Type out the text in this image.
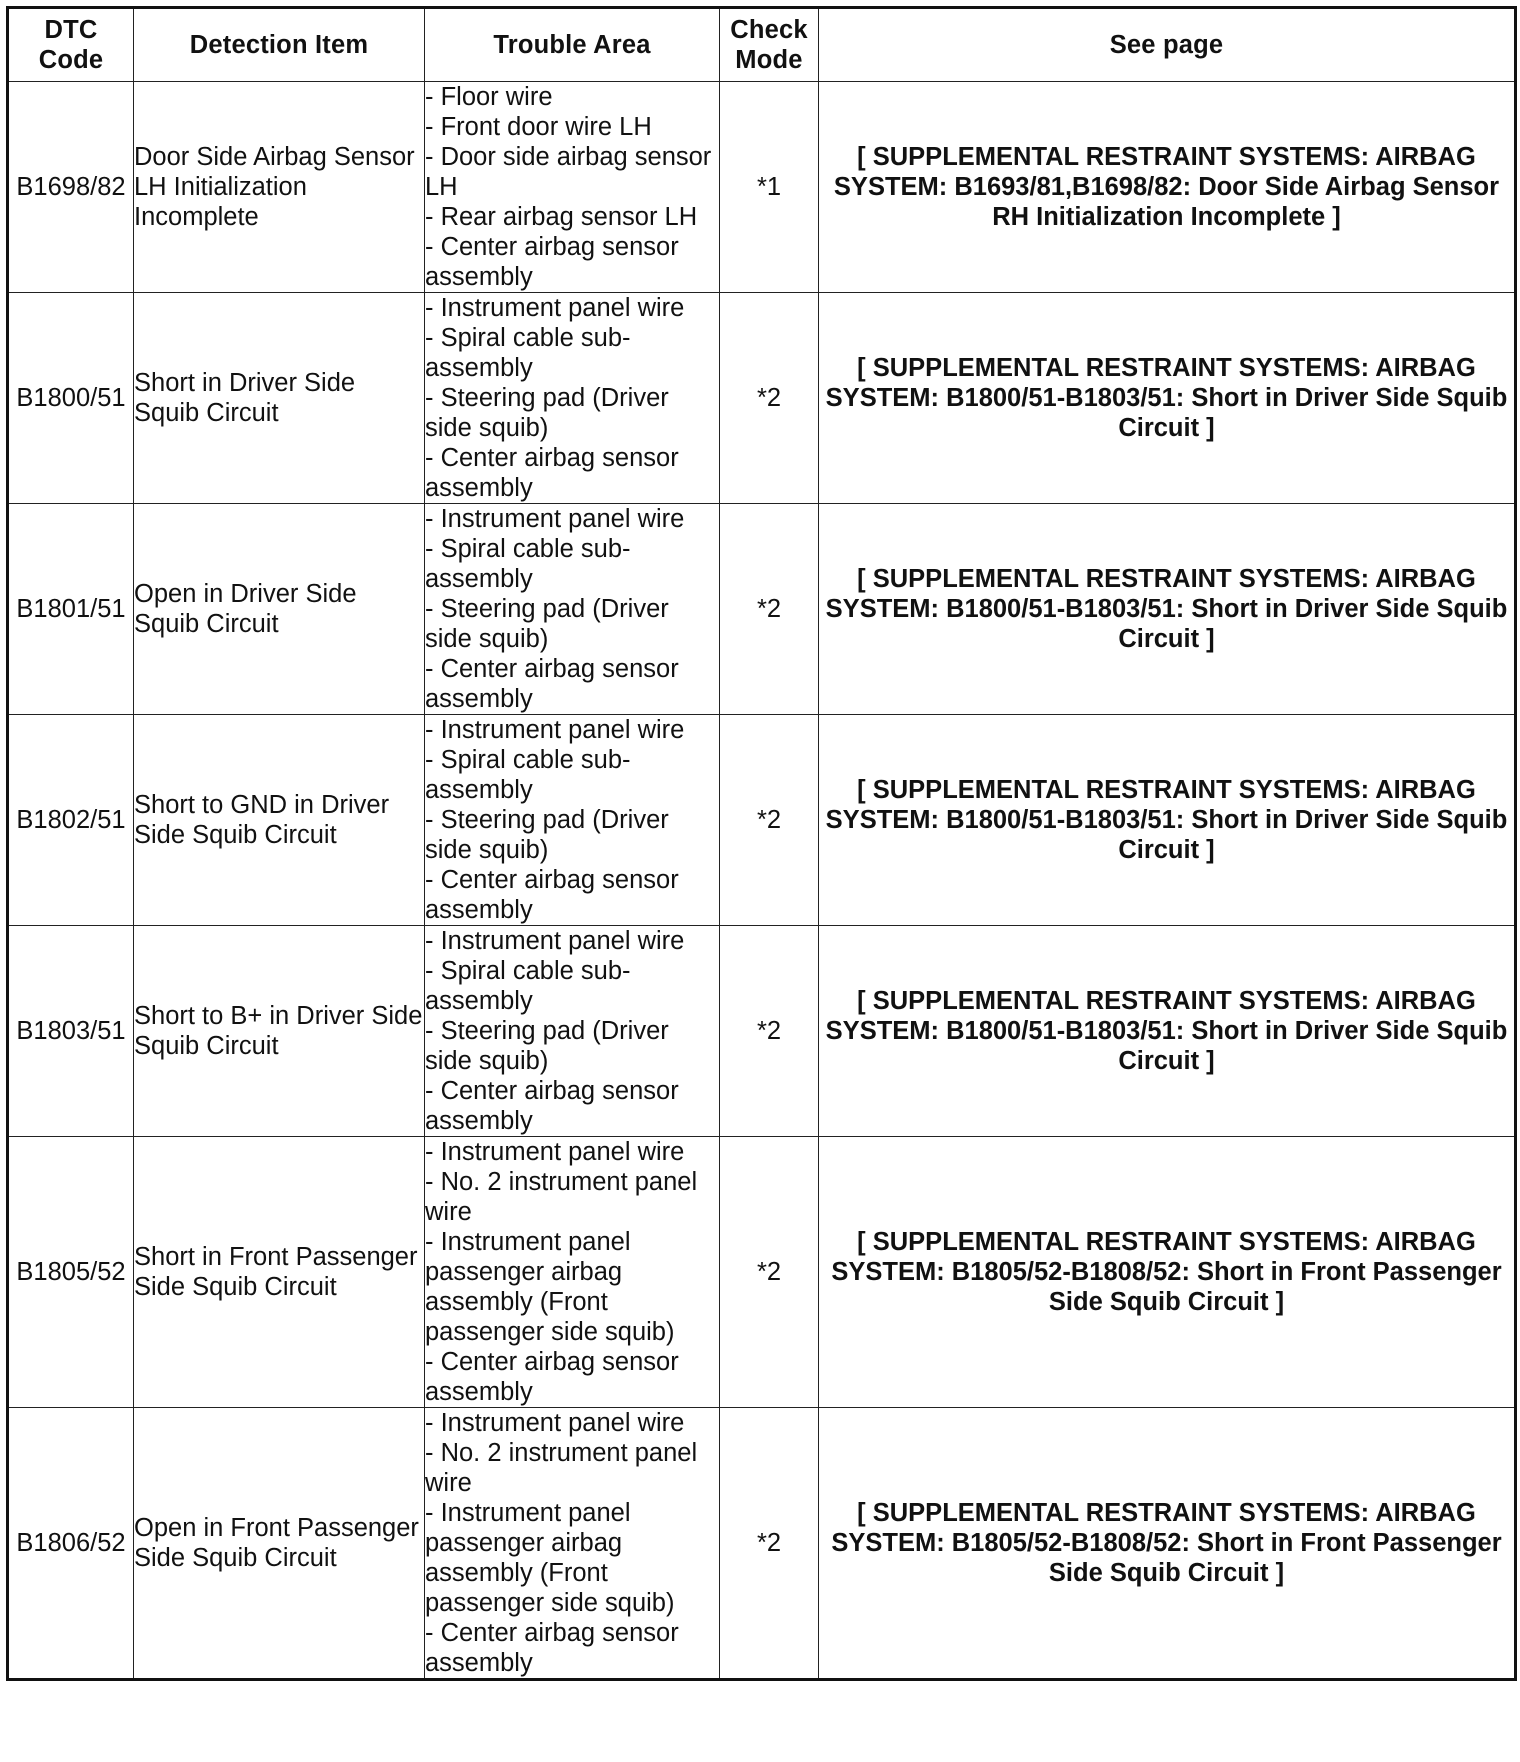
DTC Code	Detection Item	Trouble Area	Check Mode	See page
B1698/82	Door Side Airbag Sensor LH Initialization Incomplete	- Floor wire
- Front door wire LH
- Door side airbag sensor LH
- Rear airbag sensor LH
- Center airbag sensor assembly	*1	[ SUPPLEMENTAL RESTRAINT SYSTEMS: AIRBAG SYSTEM: B1693/81,B1698/82: Door Side Airbag Sensor RH Initialization Incomplete ]
B1800/51	Short in Driver Side Squib Circuit	- Instrument panel wire
- Spiral cable sub-assembly
- Steering pad (Driver side squib)
- Center airbag sensor assembly	*2	[ SUPPLEMENTAL RESTRAINT SYSTEMS: AIRBAG SYSTEM: B1800/51-B1803/51: Short in Driver Side Squib Circuit ]
B1801/51	Open in Driver Side Squib Circuit	- Instrument panel wire
- Spiral cable sub-assembly
- Steering pad (Driver side squib)
- Center airbag sensor assembly	*2	[ SUPPLEMENTAL RESTRAINT SYSTEMS: AIRBAG SYSTEM: B1800/51-B1803/51: Short in Driver Side Squib Circuit ]
B1802/51	Short to GND in Driver Side Squib Circuit	- Instrument panel wire
- Spiral cable sub-assembly
- Steering pad (Driver side squib)
- Center airbag sensor assembly	*2	[ SUPPLEMENTAL RESTRAINT SYSTEMS: AIRBAG SYSTEM: B1800/51-B1803/51: Short in Driver Side Squib Circuit ]
B1803/51	Short to B+ in Driver Side Squib Circuit	- Instrument panel wire
- Spiral cable sub-assembly
- Steering pad (Driver side squib)
- Center airbag sensor assembly	*2	[ SUPPLEMENTAL RESTRAINT SYSTEMS: AIRBAG SYSTEM: B1800/51-B1803/51: Short in Driver Side Squib Circuit ]
B1805/52	Short in Front Passenger Side Squib Circuit	- Instrument panel wire
- No. 2 instrument panel wire
- Instrument panel passenger airbag assembly (Front passenger side squib)
- Center airbag sensor assembly	*2	[ SUPPLEMENTAL RESTRAINT SYSTEMS: AIRBAG SYSTEM: B1805/52-B1808/52: Short in Front Passenger Side Squib Circuit ]
B1806/52	Open in Front Passenger Side Squib Circuit	- Instrument panel wire
- No. 2 instrument panel wire
- Instrument panel passenger airbag assembly (Front passenger side squib)
- Center airbag sensor assembly	*2	[ SUPPLEMENTAL RESTRAINT SYSTEMS: AIRBAG SYSTEM: B1805/52-B1808/52: Short in Front Passenger Side Squib Circuit ]
